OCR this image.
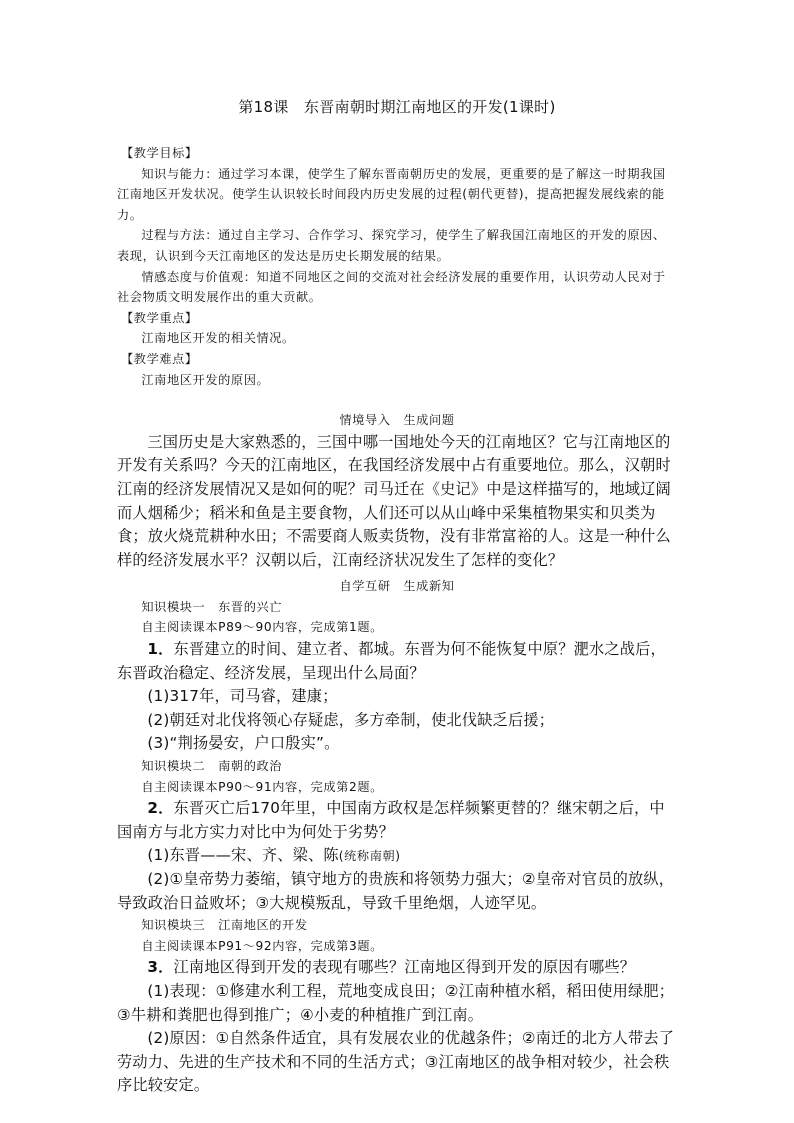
第18课　东晋南朝时期江南地区的开发(1课时)

【教学目标】

知识与能力：通过学习本课，使学生了解东晋南朝历史的发展，更重要的是了解这一时期我国江南地区开发状况。使学生认识较长时间段内历史发展的过程(朝代更替)，提高把握发展线索的能力。

过程与方法：通过自主学习、合作学习、探究学习，使学生了解我国江南地区的开发的原因、表现，认识到今天江南地区的发达是历史长期发展的结果。

情感态度与价值观：知道不同地区之间的交流对社会经济发展的重要作用，认识劳动人民对于社会物质文明发展作出的重大贡献。

【教学重点】

江南地区开发的相关情况。

【教学难点】

江南地区开发的原因。

情境导入　生成问题

三国历史是大家熟悉的，三国中哪一国地处今天的江南地区？它与江南地区的开发有关系吗？今天的江南地区，在我国经济发展中占有重要地位。那么，汉朝时江南的经济发展情况又是如何的呢？司马迁在《史记》中是这样描写的，地域辽阔而人烟稀少；稻米和鱼是主要食物，人们还可以从山峰中采集植物果实和贝类为食；放火烧荒耕种水田；不需要商人贩卖货物，没有非常富裕的人。这是一种什么样的经济发展水平？汉朝以后，江南经济状况发生了怎样的变化？

自学互研　生成新知

知识模块一　东晋的兴亡

自主阅读课本P89～90内容，完成第1题。

1．东晋建立的时间、建立者、都城。东晋为何不能恢复中原？淝水之战后，东晋政治稳定、经济发展，呈现出什么局面？

(1)317年，司马睿，建康；

(2)朝廷对北伐将领心存疑虑，多方牵制，使北伐缺乏后援；

(3)“荆扬晏安，户口殷实”。

知识模块二　南朝的政治

自主阅读课本P90～91内容，完成第2题。

2．东晋灭亡后170年里，中国南方政权是怎样频繁更替的？继宋朝之后，中国南方与北方实力对比中为何处于劣势？

(1)东晋——宋、齐、梁、陈(统称南朝)

(2)①皇帝势力萎缩，镇守地方的贵族和将领势力强大；②皇帝对官员的放纵，导致政治日益败坏；③大规模叛乱，导致千里绝烟，人迹罕见。

知识模块三　江南地区的开发

自主阅读课本P91～92内容，完成第3题。

3．江南地区得到开发的表现有哪些？江南地区得到开发的原因有哪些？

(1)表现：①修建水利工程，荒地变成良田；②江南种植水稻，稻田使用绿肥；③牛耕和粪肥也得到推广；④小麦的种植推广到江南。

(2)原因：①自然条件适宜，具有发展农业的优越条件；②南迁的北方人带去了劳动力、先进的生产技术和不同的生活方式；③江南地区的战争相对较少，社会秩序比较安定。
